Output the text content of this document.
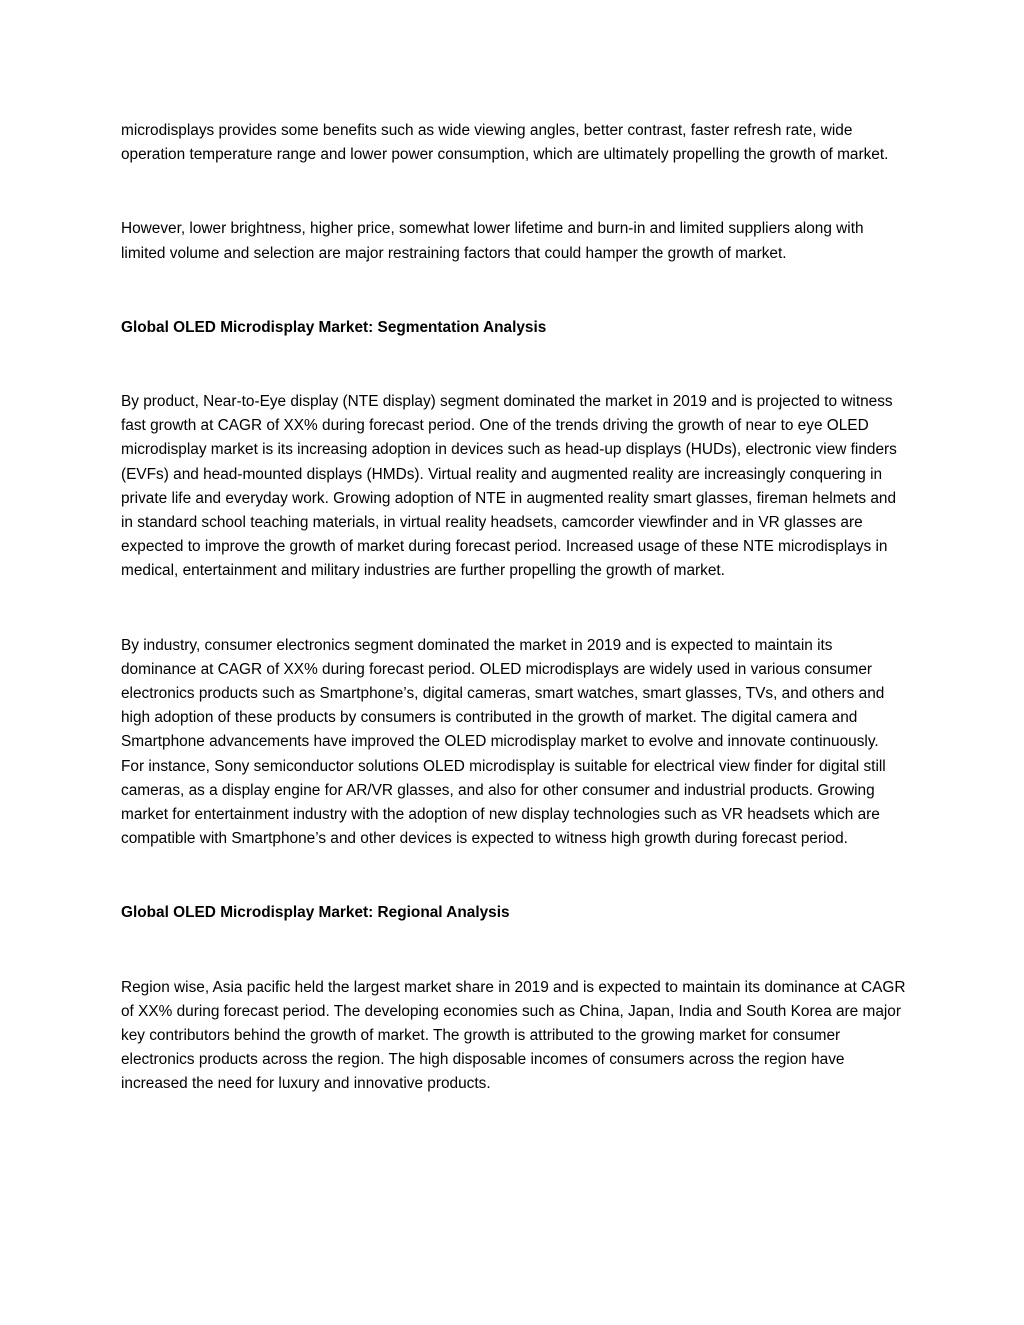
microdisplays provides some benefits such as wide viewing angles, better contrast, faster refresh rate, wide operation temperature range and lower power consumption, which are ultimately propelling the growth of market.

However, lower brightness, higher price, somewhat lower lifetime and burn-in and limited suppliers along with limited volume and selection are major restraining factors that could hamper the growth of market.

Global OLED Microdisplay Market: Segmentation Analysis

By product, Near-to-Eye display (NTE display) segment dominated the market in 2019 and is projected to witness fast growth at CAGR of XX% during forecast period. One of the trends driving the growth of near to eye OLED microdisplay market is its increasing adoption in devices such as head-up displays (HUDs), electronic view finders (EVFs) and head-mounted displays (HMDs). Virtual reality and augmented reality are increasingly conquering in private life and everyday work. Growing adoption of NTE in augmented reality smart glasses, fireman helmets and in standard school teaching materials, in virtual reality headsets, camcorder viewfinder and in VR glasses are expected to improve the growth of market during forecast period. Increased usage of these NTE microdisplays in medical, entertainment and military industries are further propelling the growth of market.

By industry, consumer electronics segment dominated the market in 2019 and is expected to maintain its dominance at CAGR of XX% during forecast period. OLED microdisplays are widely used in various consumer electronics products such as Smartphone’s, digital cameras, smart watches, smart glasses, TVs, and others and high adoption of these products by consumers is contributed in the growth of market. The digital camera and Smartphone advancements have improved the OLED microdisplay market to evolve and innovate continuously. For instance, Sony semiconductor solutions OLED microdisplay is suitable for electrical view finder for digital still cameras, as a display engine for AR/VR glasses, and also for other consumer and industrial products. Growing market for entertainment industry with the adoption of new display technologies such as VR headsets which are compatible with Smartphone’s and other devices is expected to witness high growth during forecast period.

Global OLED Microdisplay Market: Regional Analysis

Region wise, Asia pacific held the largest market share in 2019 and is expected to maintain its dominance at CAGR of XX% during forecast period. The developing economies such as China, Japan, India and South Korea are major key contributors behind the growth of market. The growth is attributed to the growing market for consumer electronics products across the region. The high disposable incomes of consumers across the region have increased the need for luxury and innovative products.
